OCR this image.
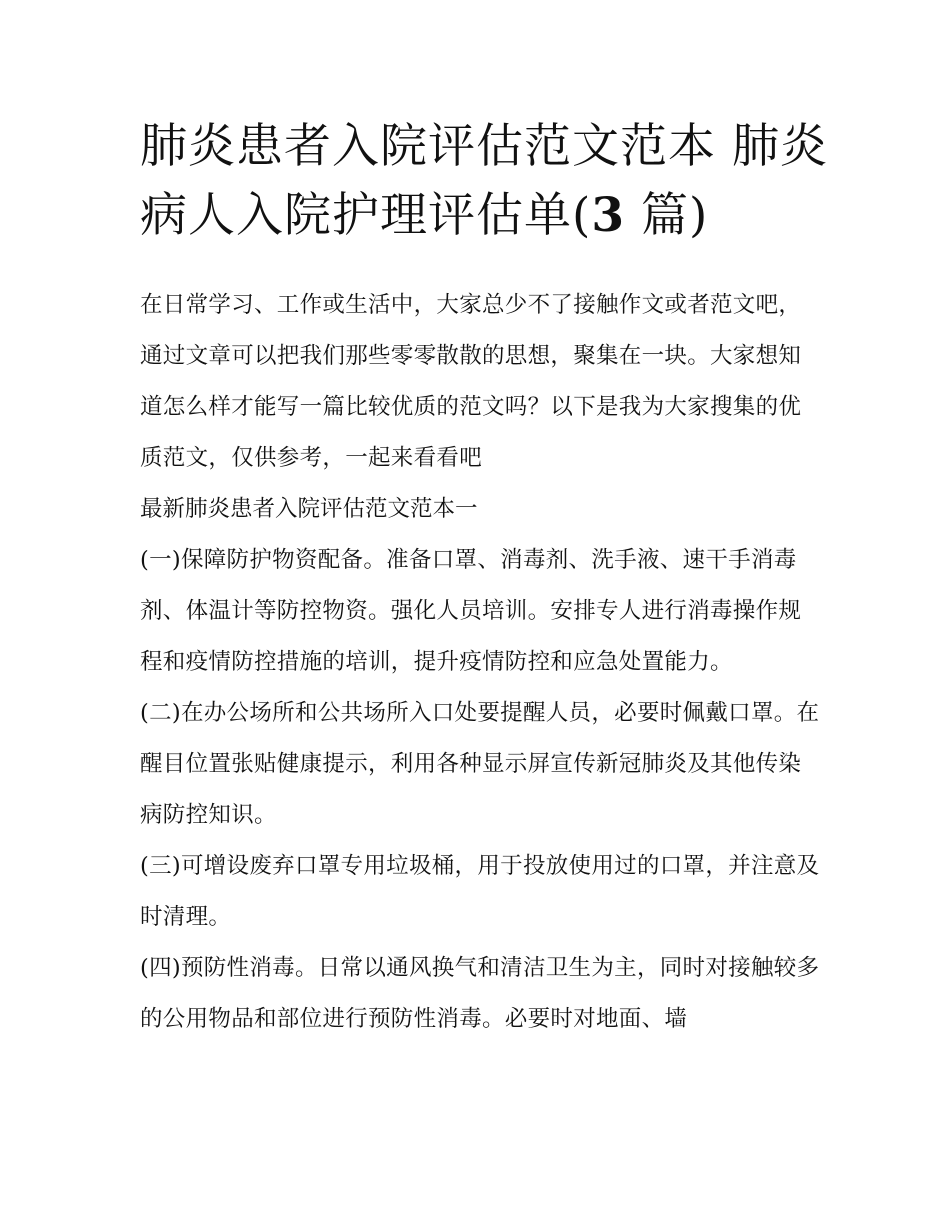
肺炎患者入院评估范文范本 肺炎病人入院护理评估单(3 篇)

在日常学习、工作或生活中，大家总少不了接触作文或者范文吧，通过文章可以把我们那些零零散散的思想，聚集在一块。大家想知道怎么样才能写一篇比较优质的范文吗？以下是我为大家搜集的优质范文，仅供参考，一起来看看吧

最新肺炎患者入院评估范文范本一

(一)保障防护物资配备。准备口罩、消毒剂、洗手液、速干手消毒剂、体温计等防控物资。强化人员培训。安排专人进行消毒操作规程和疫情防控措施的培训，提升疫情防控和应急处置能力。

(二)在办公场所和公共场所入口处要提醒人员，必要时佩戴口罩。在醒目位置张贴健康提示，利用各种显示屏宣传新冠肺炎及其他传染病防控知识。

(三)可增设废弃口罩专用垃圾桶，用于投放使用过的口罩，并注意及时清理。

(四)预防性消毒。日常以通风换气和清洁卫生为主，同时对接触较多的公用物品和部位进行预防性消毒。必要时对地面、墙
